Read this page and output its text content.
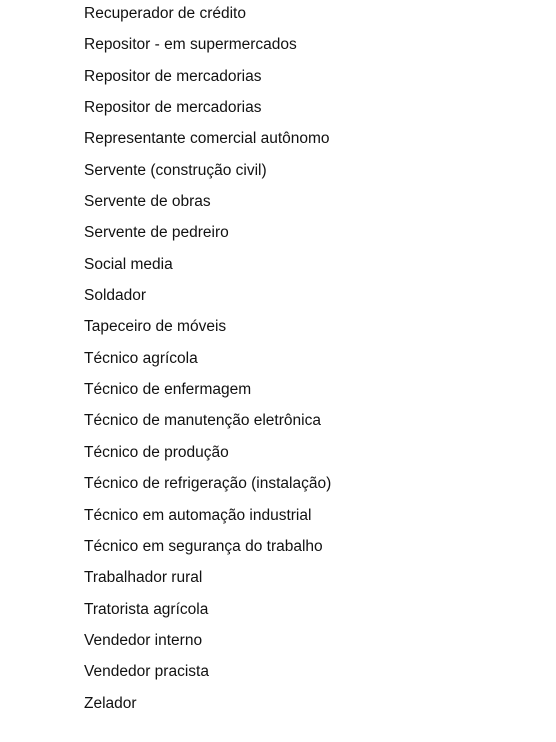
Recuperador de crédito
Repositor - em supermercados
Repositor de mercadorias
Repositor de mercadorias
Representante comercial autônomo
Servente (construção civil)
Servente de obras
Servente de pedreiro
Social media
Soldador
Tapeceiro de móveis
Técnico agrícola
Técnico de enfermagem
Técnico de manutenção eletrônica
Técnico de produção
Técnico de refrigeração (instalação)
Técnico em automação industrial
Técnico em segurança do trabalho
Trabalhador rural
Tratorista agrícola
Vendedor interno
Vendedor pracista
Zelador
